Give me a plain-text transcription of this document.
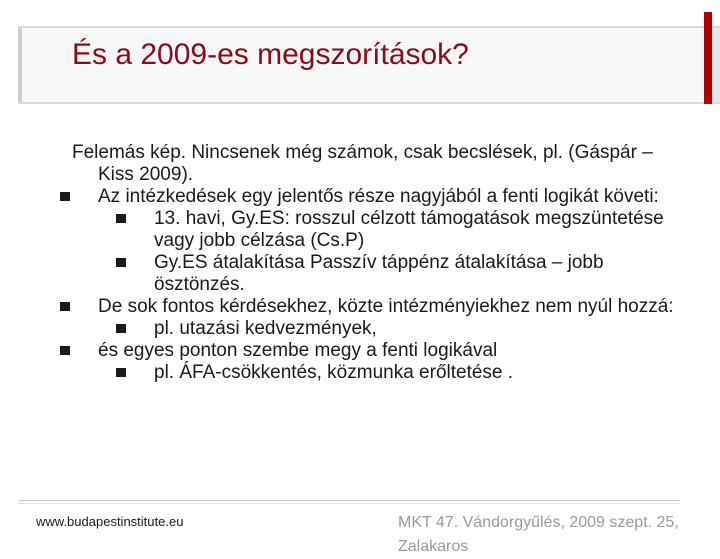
És a 2009-es megszorítások?

Felemás kép. Nincsenek még számok, csak becslések, pl. (Gáspár – Kiss 2009).

Az intézkedések egy jelentős része nagyjából a fenti logikát követi:
13. havi, Gy.ES: rosszul célzott támogatások megszüntetése vagy jobb célzása (Cs.P)
Gy.ES átalakítása Passzív táppénz átalakítása – jobb ösztönzés.
De sok fontos kérdésekhez, közte intézményiekhez nem nyúl hozzá:
pl. utazási kedvezmények,
és egyes ponton szembe megy a fenti logikával
pl. ÁFA-csökkentés, közmunka erőltetése .
www.budapestinstitute.eu	MKT 47. Vándorgyűlés, 2009 szept. 25, Zalakaros
